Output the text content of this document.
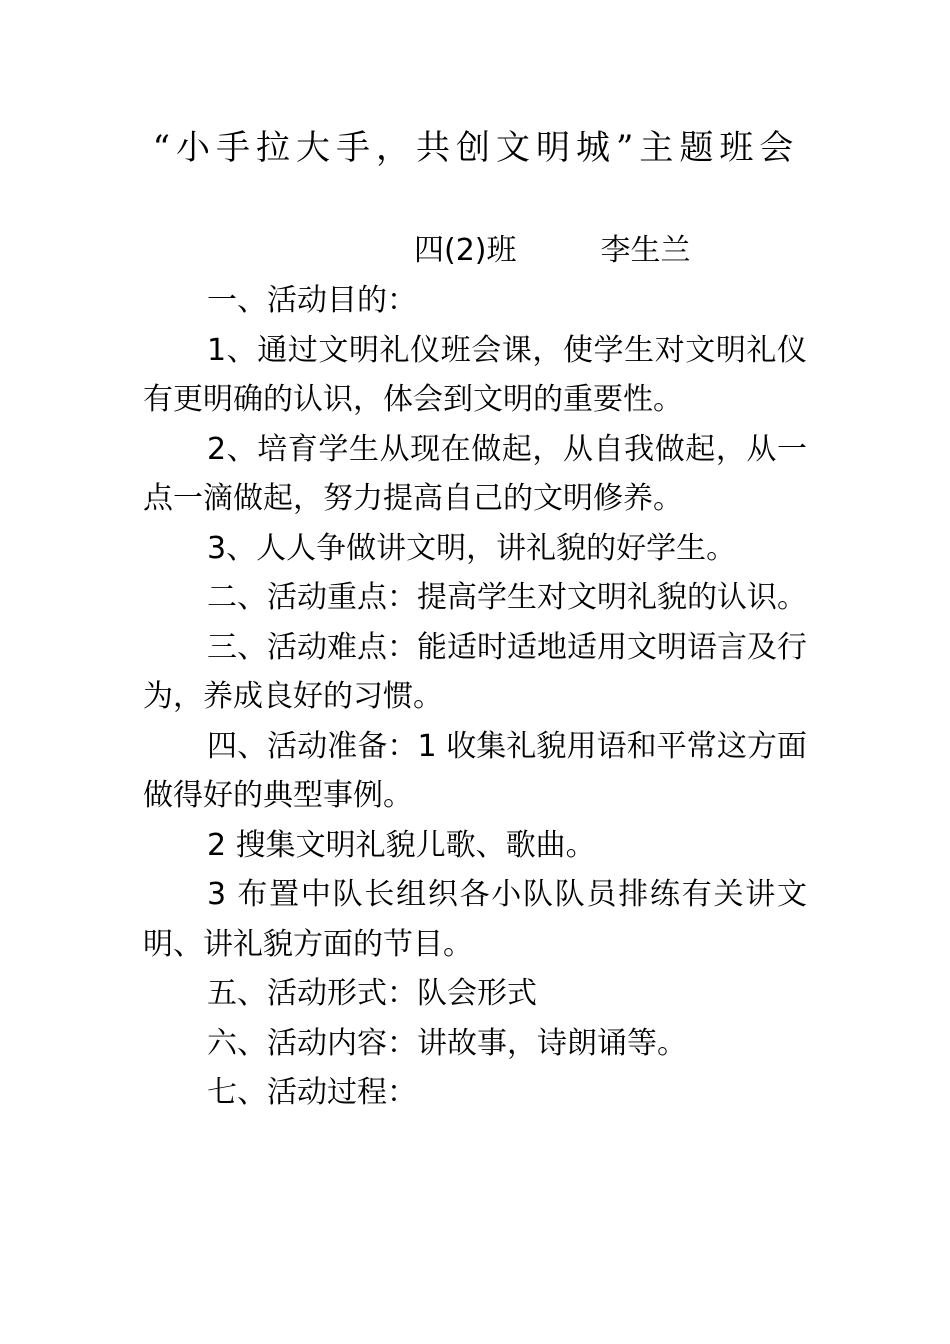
“小手拉大手，共创文明城”主题班会
四(2)班	李生兰

一、活动目的：

1、通过文明礼仪班会课，使学生对文明礼仪有更明确的认识，体会到文明的重要性。

2、培育学生从现在做起，从自我做起，从一点一滴做起，努力提高自己的文明修养。

3、人人争做讲文明，讲礼貌的好学生。

二、活动重点：提高学生对文明礼貌的认识。

三、活动难点：能适时适地适用文明语言及行为，养成良好的习惯。

四、活动准备：1 收集礼貌用语和平常这方面做得好的典型事例。

2 搜集文明礼貌儿歌、歌曲。

3 布置中队长组织各小队队员排练有关讲文明、讲礼貌方面的节目。

五、活动形式：队会形式

六、活动内容：讲故事，诗朗诵等。

七、活动过程：
